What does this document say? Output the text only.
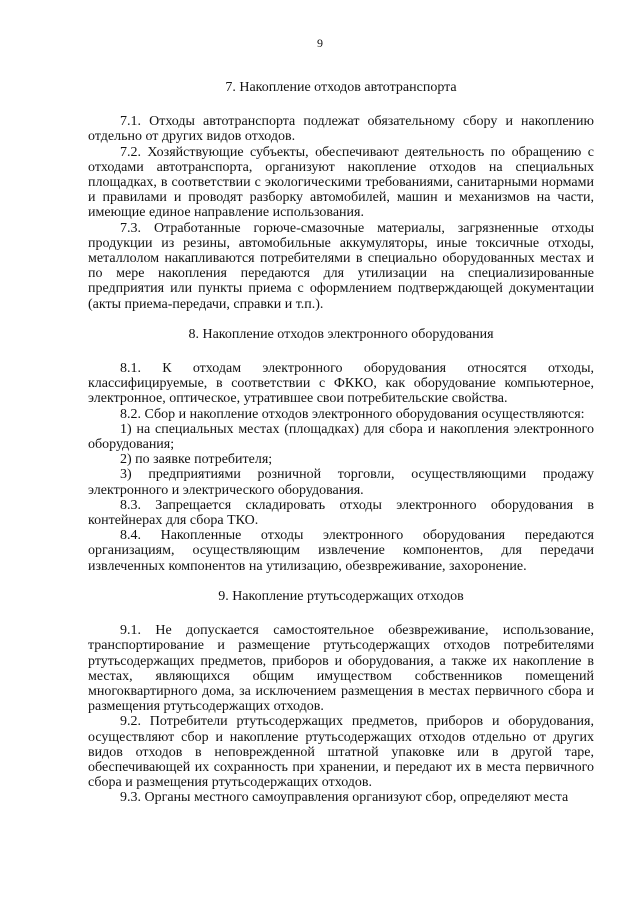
9

7. Накопление отходов автотранспорта

7.1. Отходы автотранспорта подлежат обязательному сбору и накоплению отдельно от других видов отходов.

7.2. Хозяйствующие субъекты, обеспечивают деятельность по обращению с отходами автотранспорта, организуют накопление отходов на специальных площадках, в соответствии с экологическими требованиями, санитарными нормами и правилами и проводят разборку автомобилей, машин и механизмов на части, имеющие единое направление использования.

7.3. Отработанные горюче-смазочные материалы, загрязненные отходы продукции из резины, автомобильные аккумуляторы, иные токсичные отходы, металлолом накапливаются потребителями в специально оборудованных местах и по мере накопления передаются для утилизации на специализированные предприятия или пункты приема с оформлением подтверждающей документации (акты приема-передачи, справки и т.п.).

8. Накопление отходов электронного оборудования

8.1. К отходам электронного оборудования относятся отходы, классифицируемые, в соответствии с ФККО, как оборудование компьютерное, электронное, оптическое, утратившее свои потребительские свойства.

8.2. Сбор и накопление отходов электронного оборудования осуществляются:

1) на специальных местах (площадках) для сбора и накопления электронного оборудования;

2) по заявке потребителя;

3) предприятиями розничной торговли, осуществляющими продажу электронного и электрического оборудования.

8.3. Запрещается складировать отходы электронного оборудования в контейнерах для сбора ТКО.

8.4. Накопленные отходы электронного оборудования передаются организациям, осуществляющим извлечение компонентов, для передачи извлеченных компонентов на утилизацию, обезвреживание, захоронение.

9. Накопление ртутьсодержащих отходов

9.1. Не допускается самостоятельное обезвреживание, использование, транспортирование и размещение ртутьсодержащих отходов потребителями ртутьсодержащих предметов, приборов и оборудования, а также их накопление в местах, являющихся общим имуществом собственников помещений многоквартирного дома, за исключением размещения в местах первичного сбора и размещения ртутьсодержащих отходов.

9.2. Потребители ртутьсодержащих предметов, приборов и оборудования, осуществляют сбор и накопление ртутьсодержащих отходов отдельно от других видов отходов в неповрежденной штатной упаковке или в другой таре, обеспечивающей их сохранность при хранении, и передают их в места первичного сбора и размещения ртутьсодержащих отходов.

9.3. Органы местного самоуправления организуют сбор, определяют места
